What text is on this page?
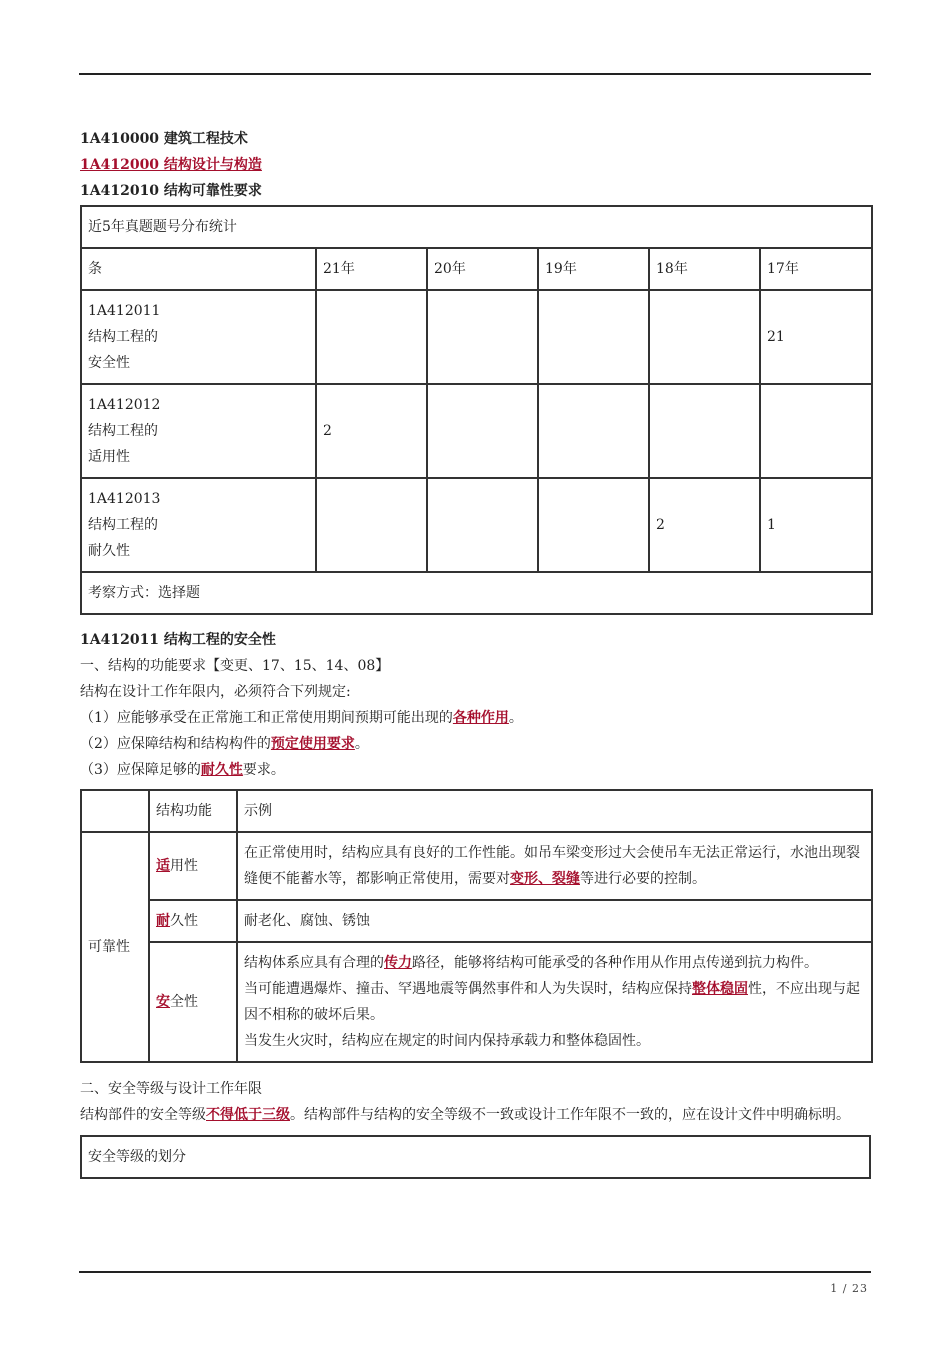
1A410000 建筑工程技术
1A412000 结构设计与构造
1A412010 结构可靠性要求
近5年真题题号分布统计					
条	21年	20年	19年	18年	17年

1A412011
结构工程的
安全性					21

1A412012
结构工程的
适用性	2				

1A412013
结构工程的
耐久性				2	1
考察方式：选择题					
1A412011 结构工程的安全性

一、结构的功能要求【变更、17、15、14、08】

结构在设计工作年限内，必须符合下列规定:

（1）应能够承受在正常施工和正常使用期间预期可能出现的各种作用。

（2）应保障结构和结构构件的预定使用要求。

（3）应保障足够的耐久性要求。

	结构功能	示例
可靠性	适用性	在正常使用时，结构应具有良好的工作性能。如吊车梁变形过大会使吊车无法正常运行，水池出现裂缝便不能蓄水等，都影响正常使用，需要对变形、裂缝等进行必要的控制。
	耐久性	耐老化、腐蚀、锈蚀
	安全性	结构体系应具有合理的传力路径，能够将结构可能承受的各种作用从作用点传递到抗力构件。
当可能遭遇爆炸、撞击、罕遇地震等偶然事件和人为失误时，结构应保持整体稳固性，不应出现与起因不相称的破坏后果。
当发生火灾时，结构应在规定的时间内保持承载力和整体稳固性。

二、安全等级与设计工作年限

结构部件的安全等级不得低于三级。结构部件与结构的安全等级不一致或设计工作年限不一致的，应在设计文件中明确标明。

安全等级的划分
1 / 23
